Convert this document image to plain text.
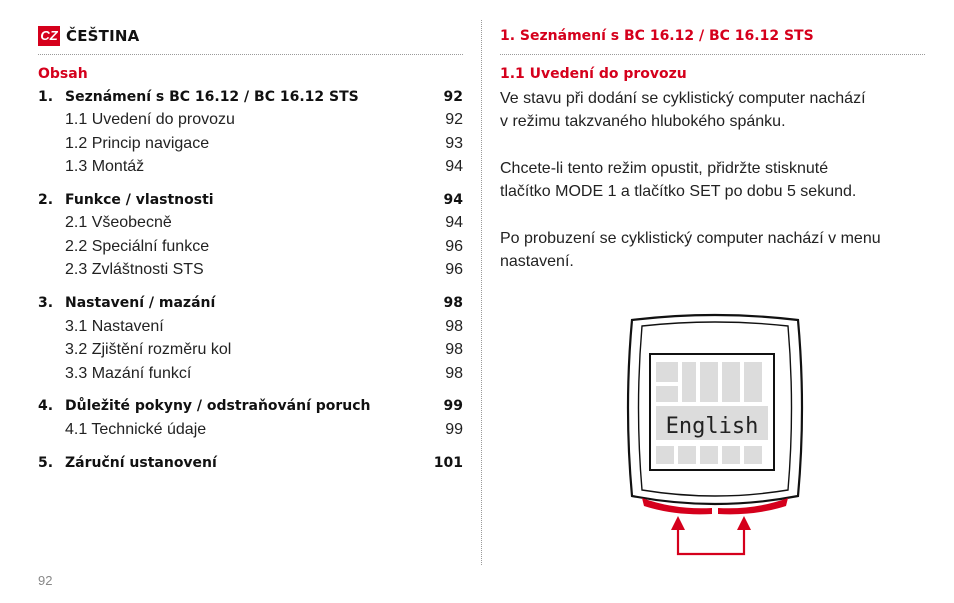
CZ ČEŠTINA	1. Seznámení s BC 16.12 / BC 16.12 STS
Obsah
1. Seznámení s BC 16.12 / BC 16.12 STS	92
1.1 Uvedení do provozu	92
1.2 Princip navigace	93
1.3 Montáž	94
2. Funkce / vlastnosti	94
2.1 Všeobecně	94
2.2 Speciální funkce	96
2.3 Zvláštnosti STS	96
3. Nastavení / mazání	98
3.1 Nastavení	98
3.2 Zjištění rozměru kol	98
3.3 Mazání funkcí	98
4. Důležité pokyny / odstraňování poruch	99
4.1 Technické údaje	99
5. Záruční ustanovení	101
1.1 Uvedení do provozu
Ve stavu při dodání se cyklistický computer nachází
v režimu takzvaného hlubokého spánku.
Chcete-li tento režim opustit, přidržte stisknuté
tlačítko MODE 1 a tlačítko SET po dobu 5 sekund.
Po probuzení se cyklistický computer nachází v menu
nastavení.
English
92
